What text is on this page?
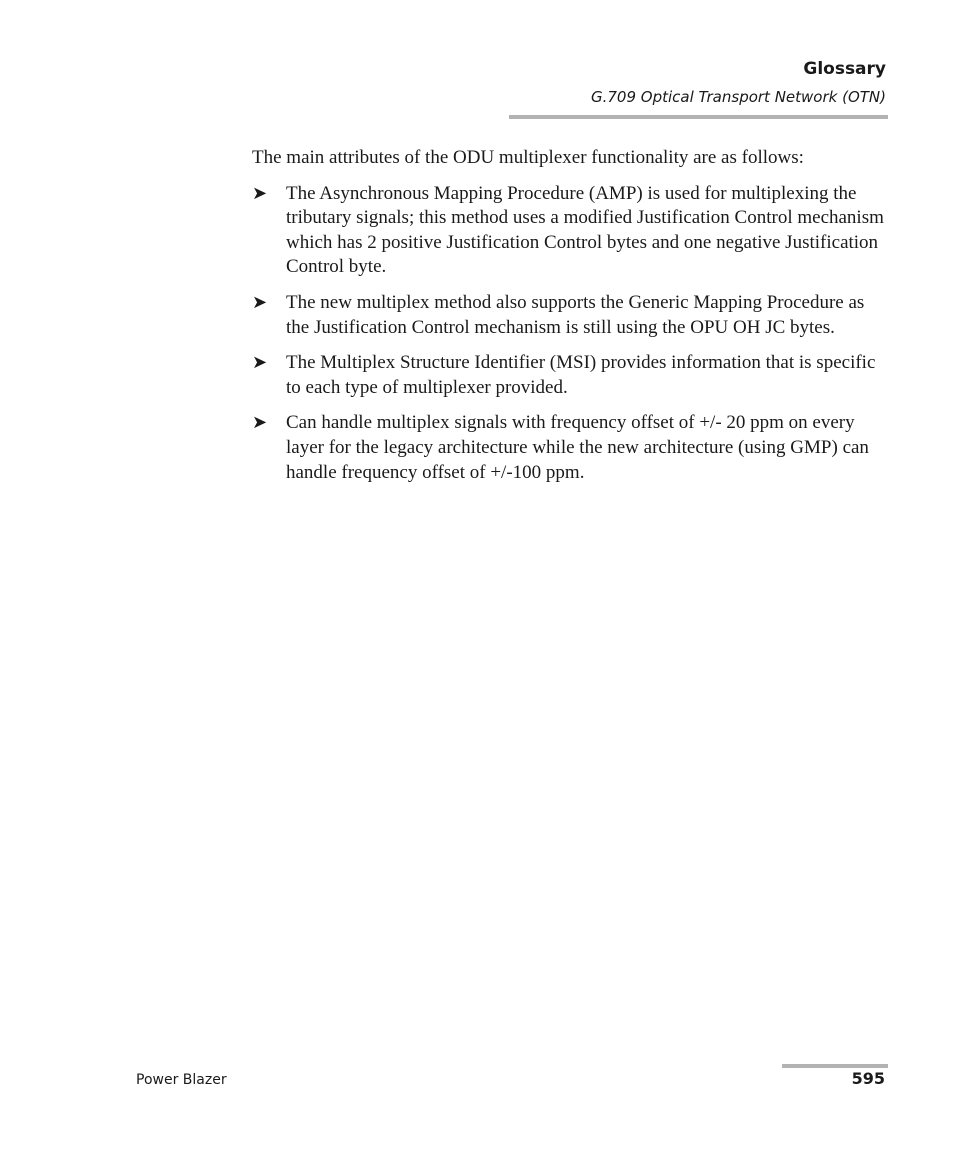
Glossary
G.709 Optical Transport Network (OTN)

The main attributes of the ODU multiplexer functionality are as follows:

➤ The Asynchronous Mapping Procedure (AMP) is used for multiplexing the tributary signals; this method uses a modified Justification Control mechanism which has 2 positive Justification Control bytes and one negative Justification Control byte.
➤ The new multiplex method also supports the Generic Mapping Procedure as the Justification Control mechanism is still using the OPU OH JC bytes.
➤ The Multiplex Structure Identifier (MSI) provides information that is specific to each type of multiplexer provided.
➤ Can handle multiplex signals with frequency offset of +/- 20 ppm on every layer for the legacy architecture while the new architecture (using GMP) can handle frequency offset of +/-100 ppm.
Power Blazer	595
